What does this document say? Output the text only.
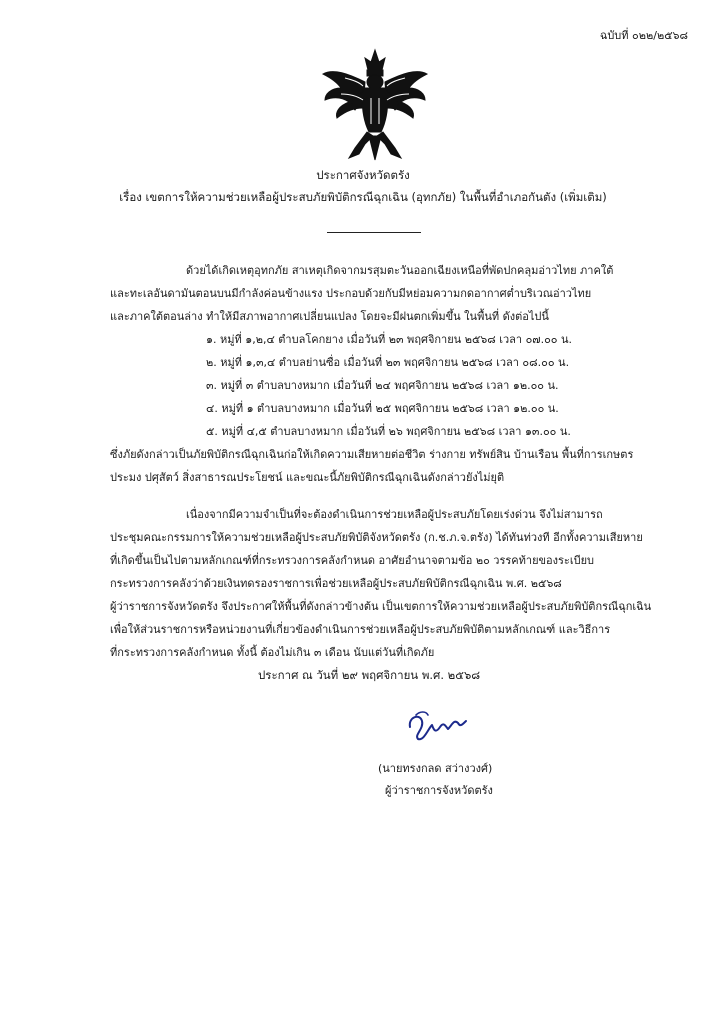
ฉบับที่ ๐๒๒/๒๕๖๘
ประกาศจังหวัดตรัง
เรื่อง เขตการให้ความช่วยเหลือผู้ประสบภัยพิบัติกรณีฉุกเฉิน (อุทกภัย) ในพื้นที่อำเภอกันตัง (เพิ่มเติม)
ด้วยได้เกิดเหตุอุทกภัย สาเหตุเกิดจากมรสุมตะวันออกเฉียงเหนือที่พัดปกคลุมอ่าวไทย ภาคใต้
และทะเลอันดามันตอนบนมีกำลังค่อนข้างแรง ประกอบด้วยกับมีหย่อมความกดอากาศต่ำบริเวณอ่าวไทย
และภาคใต้ตอนล่าง ทำให้มีสภาพอากาศเปลี่ยนแปลง โดยจะมีฝนตกเพิ่มขึ้น ในพื้นที่ ดังต่อไปนี้
๑. หมู่ที่ ๑,๒,๔ ตำบลโคกยาง เมื่อวันที่ ๒๓ พฤศจิกายน ๒๕๖๘ เวลา ๐๗.๐๐ น.
๒. หมู่ที่ ๑,๓,๔ ตำบลย่านซื่อ เมื่อวันที่ ๒๓ พฤศจิกายน ๒๕๖๘ เวลา ๐๘.๐๐ น.
๓. หมู่ที่ ๓ ตำบลบางหมาก เมื่อวันที่ ๒๔ พฤศจิกายน ๒๕๖๘ เวลา ๑๒.๐๐ น.
๔. หมู่ที่ ๑ ตำบลบางหมาก เมื่อวันที่ ๒๕ พฤศจิกายน ๒๕๖๘ เวลา ๑๒.๐๐ น.
๕. หมู่ที่ ๔,๕ ตำบลบางหมาก เมื่อวันที่ ๒๖ พฤศจิกายน ๒๕๖๘ เวลา ๑๓.๐๐ น.
ซึ่งภัยดังกล่าวเป็นภัยพิบัติกรณีฉุกเฉินก่อให้เกิดความเสียหายต่อชีวิต ร่างกาย ทรัพย์สิน บ้านเรือน พื้นที่การเกษตร
ประมง ปศุสัตว์ สิ่งสาธารณประโยชน์ และขณะนี้ภัยพิบัติกรณีฉุกเฉินดังกล่าวยังไม่ยุติ
เนื่องจากมีความจำเป็นที่จะต้องดำเนินการช่วยเหลือผู้ประสบภัยโดยเร่งด่วน จึงไม่สามารถ
ประชุมคณะกรรมการให้ความช่วยเหลือผู้ประสบภัยพิบัติจังหวัดตรัง (ก.ช.ภ.จ.ตรัง) ได้ทันท่วงที อีกทั้งความเสียหาย
ที่เกิดขึ้นเป็นไปตามหลักเกณฑ์ที่กระทรวงการคลังกำหนด อาศัยอำนาจตามข้อ ๒๐ วรรคท้ายของระเบียบ
กระทรวงการคลังว่าด้วยเงินทดรองราชการเพื่อช่วยเหลือผู้ประสบภัยพิบัติกรณีฉุกเฉิน พ.ศ. ๒๕๖๘
ผู้ว่าราชการจังหวัดตรัง จึงประกาศให้พื้นที่ดังกล่าวข้างต้น เป็นเขตการให้ความช่วยเหลือผู้ประสบภัยพิบัติกรณีฉุกเฉิน
เพื่อให้ส่วนราชการหรือหน่วยงานที่เกี่ยวข้องดำเนินการช่วยเหลือผู้ประสบภัยพิบัติตามหลักเกณฑ์ และวิธีการ
ที่กระทรวงการคลังกำหนด ทั้งนี้ ต้องไม่เกิน ๓ เดือน นับแต่วันที่เกิดภัย
ประกาศ ณ วันที่ ๒๙ พฤศจิกายน พ.ศ. ๒๕๖๘
(นายทรงกลด สว่างวงศ์)
ผู้ว่าราชการจังหวัดตรัง
